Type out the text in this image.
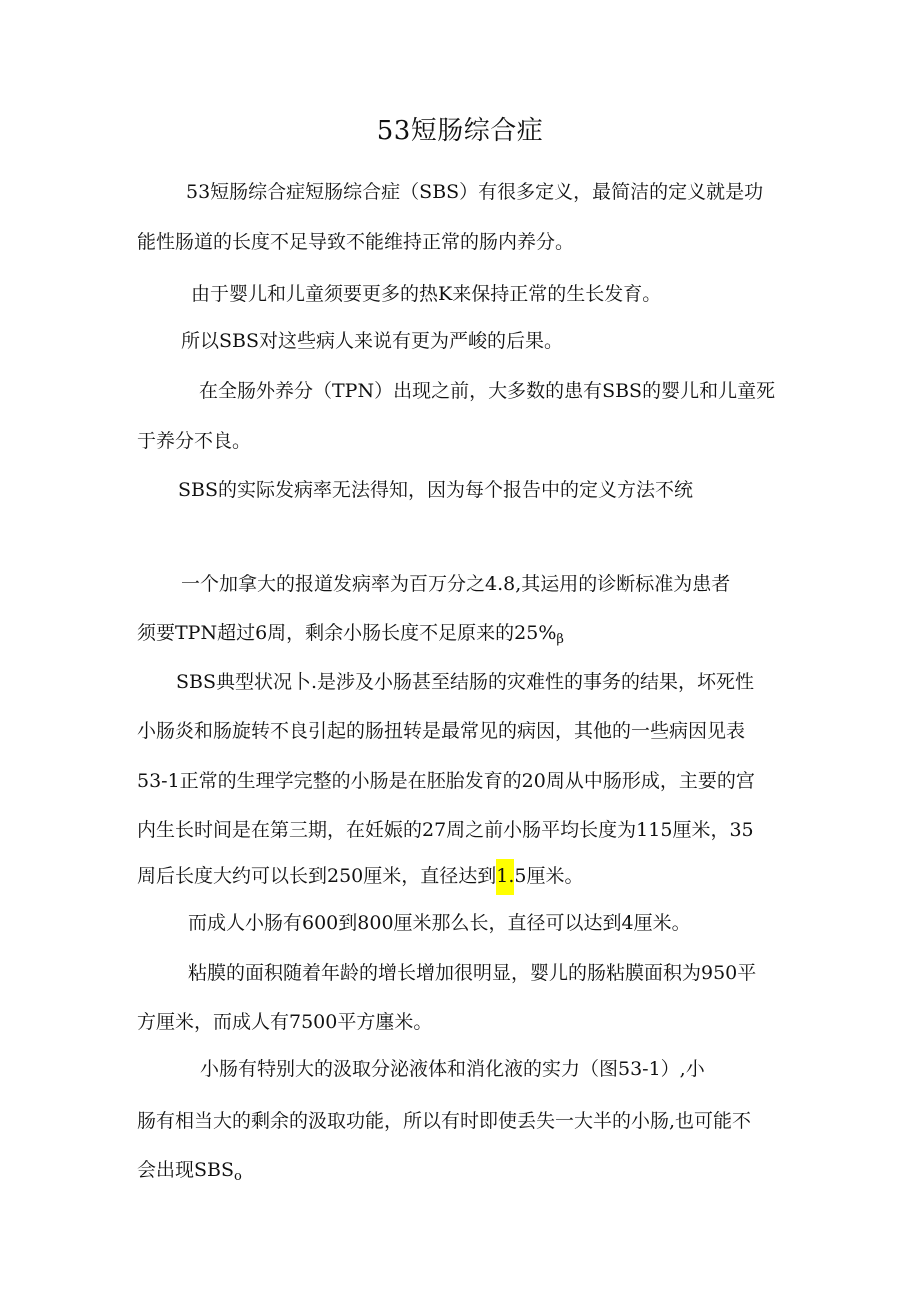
53短肠综合症
53短肠综合症短肠综合症（SBS）有很多定义，最简洁的定义就是功
能性肠道的长度不足导致不能维持正常的肠内养分。
由于婴儿和儿童须要更多的热K来保持正常的生长发育。
所以SBS对这些病人来说有更为严峻的后果。
在全肠外养分（TPN）出现之前，大多数的患有SBS的婴儿和儿童死
于养分不良。
SBS的实际发病率无法得知，因为每个报告中的定义方法不统
一个加拿大的报道发病率为百万分之4.8,其运用的诊断标准为患者
须要TPN超过6周，剩余小肠长度不足原来的$25\%_\beta$
SBS典型状况卜.是涉及小肠甚至结肠的灾难性的事务的结果，坏死性
小肠炎和肠旋转不良引起的肠扭转是最常见的病因，其他的一些病因见表
53-1正常的生理学完整的小肠是在胚胎发育的20周从中肠形成，主要的宫
内生长时间是在第三期，在妊娠的27周之前小肠平均长度为115厘米，35
周后长度大约可以长到250厘米，直径达到1.5厘米。
而成人小肠有600到800厘米那么长，直径可以达到4厘米。
粘膜的面积随着年龄的增长增加很明显，婴儿的肠粘膜面积为950平
方厘米，而成人有7500平方廛米。
小肠有特别大的汲取分泌液体和消化液的实力（图53-1）,小
肠有相当大的剩余的汲取功能，所以有时即使丢失一大半的小肠,也可能不
会出现$SBS_o$
